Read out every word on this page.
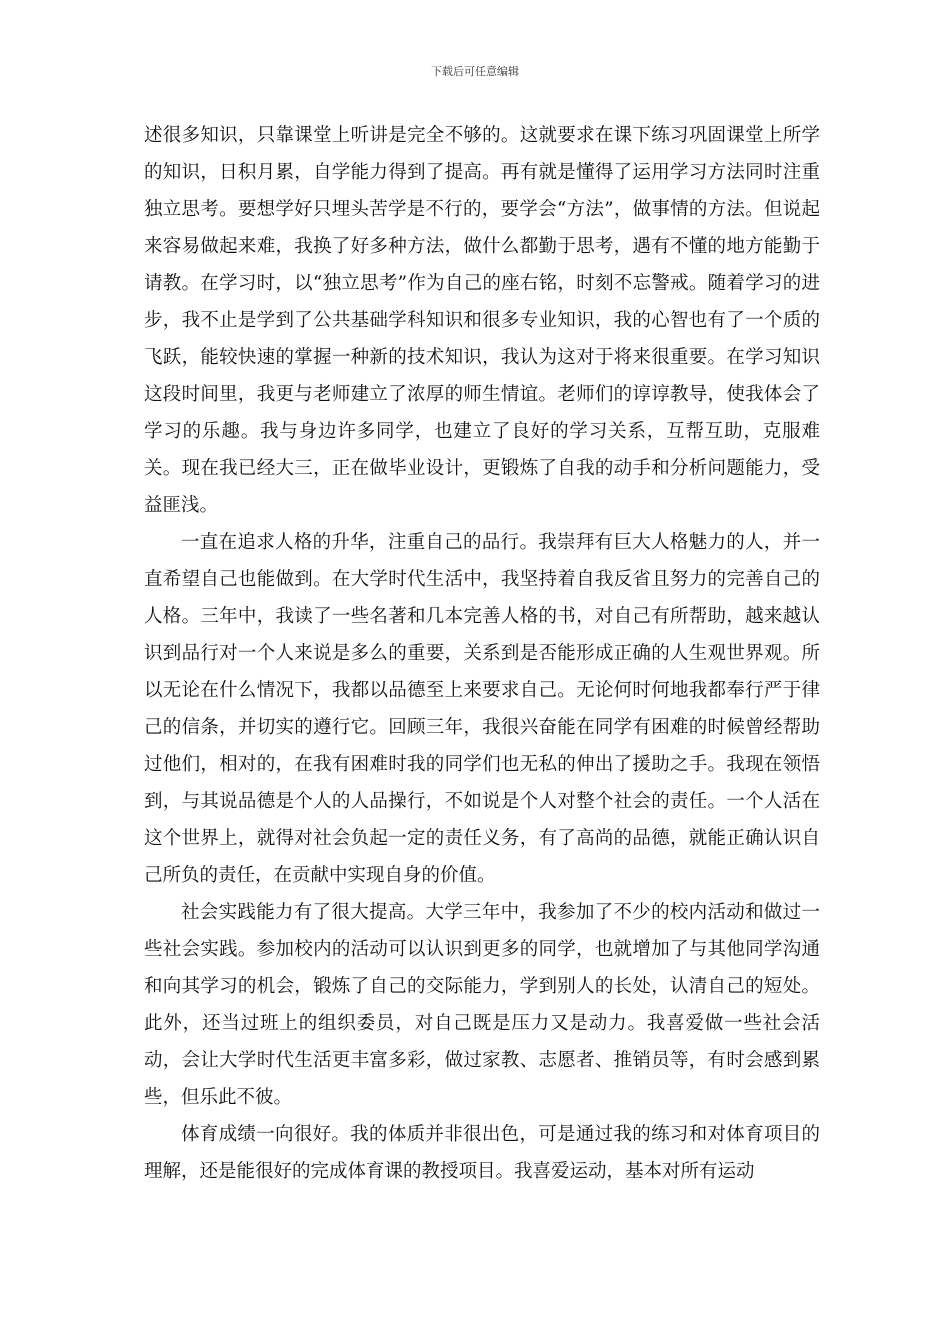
下载后可任意编辑

述很多知识，只靠课堂上听讲是完全不够的。这就要求在课下练习巩固课堂上所学的知识，日积月累，自学能力得到了提高。再有就是懂得了运用学习方法同时注重独立思考。要想学好只埋头苦学是不行的，要学会“方法”，做事情的方法。但说起来容易做起来难，我换了好多种方法，做什么都勤于思考，遇有不懂的地方能勤于请教。在学习时，以“独立思考”作为自己的座右铭，时刻不忘警戒。随着学习的进步，我不止是学到了公共基础学科知识和很多专业知识，我的心智也有了一个质的飞跃，能较快速的掌握一种新的技术知识，我认为这对于将来很重要。在学习知识这段时间里，我更与老师建立了浓厚的师生情谊。老师们的谆谆教导，使我体会了学习的乐趣。我与身边许多同学，也建立了良好的学习关系，互帮互助，克服难关。现在我已经大三，正在做毕业设计，更锻炼了自我的动手和分析问题能力，受益匪浅。

一直在追求人格的升华，注重自己的品行。我崇拜有巨大人格魅力的人，并一直希望自己也能做到。在大学时代生活中，我坚持着自我反省且努力的完善自己的人格。三年中，我读了一些名著和几本完善人格的书，对自己有所帮助，越来越认识到品行对一个人来说是多么的重要，关系到是否能形成正确的人生观世界观。所以无论在什么情况下，我都以品德至上来要求自己。无论何时何地我都奉行严于律己的信条，并切实的遵行它。回顾三年，我很兴奋能在同学有困难的时候曾经帮助过他们，相对的，在我有困难时我的同学们也无私的伸出了援助之手。我现在领悟到，与其说品德是个人的人品操行，不如说是个人对整个社会的责任。一个人活在这个世界上，就得对社会负起一定的责任义务，有了高尚的品德，就能正确认识自己所负的责任，在贡献中实现自身的价值。

社会实践能力有了很大提高。大学三年中，我参加了不少的校内活动和做过一些社会实践。参加校内的活动可以认识到更多的同学，也就增加了与其他同学沟通和向其学习的机会，锻炼了自己的交际能力，学到别人的长处，认清自己的短处。此外，还当过班上的组织委员，对自己既是压力又是动力。我喜爱做一些社会活动，会让大学时代生活更丰富多彩，做过家教、志愿者、推销员等，有时会感到累些，但乐此不彼。

体育成绩一向很好。我的体质并非很出色，可是通过我的练习和对体育项目的理解，还是能很好的完成体育课的教授项目。我喜爱运动，基本对所有运动
